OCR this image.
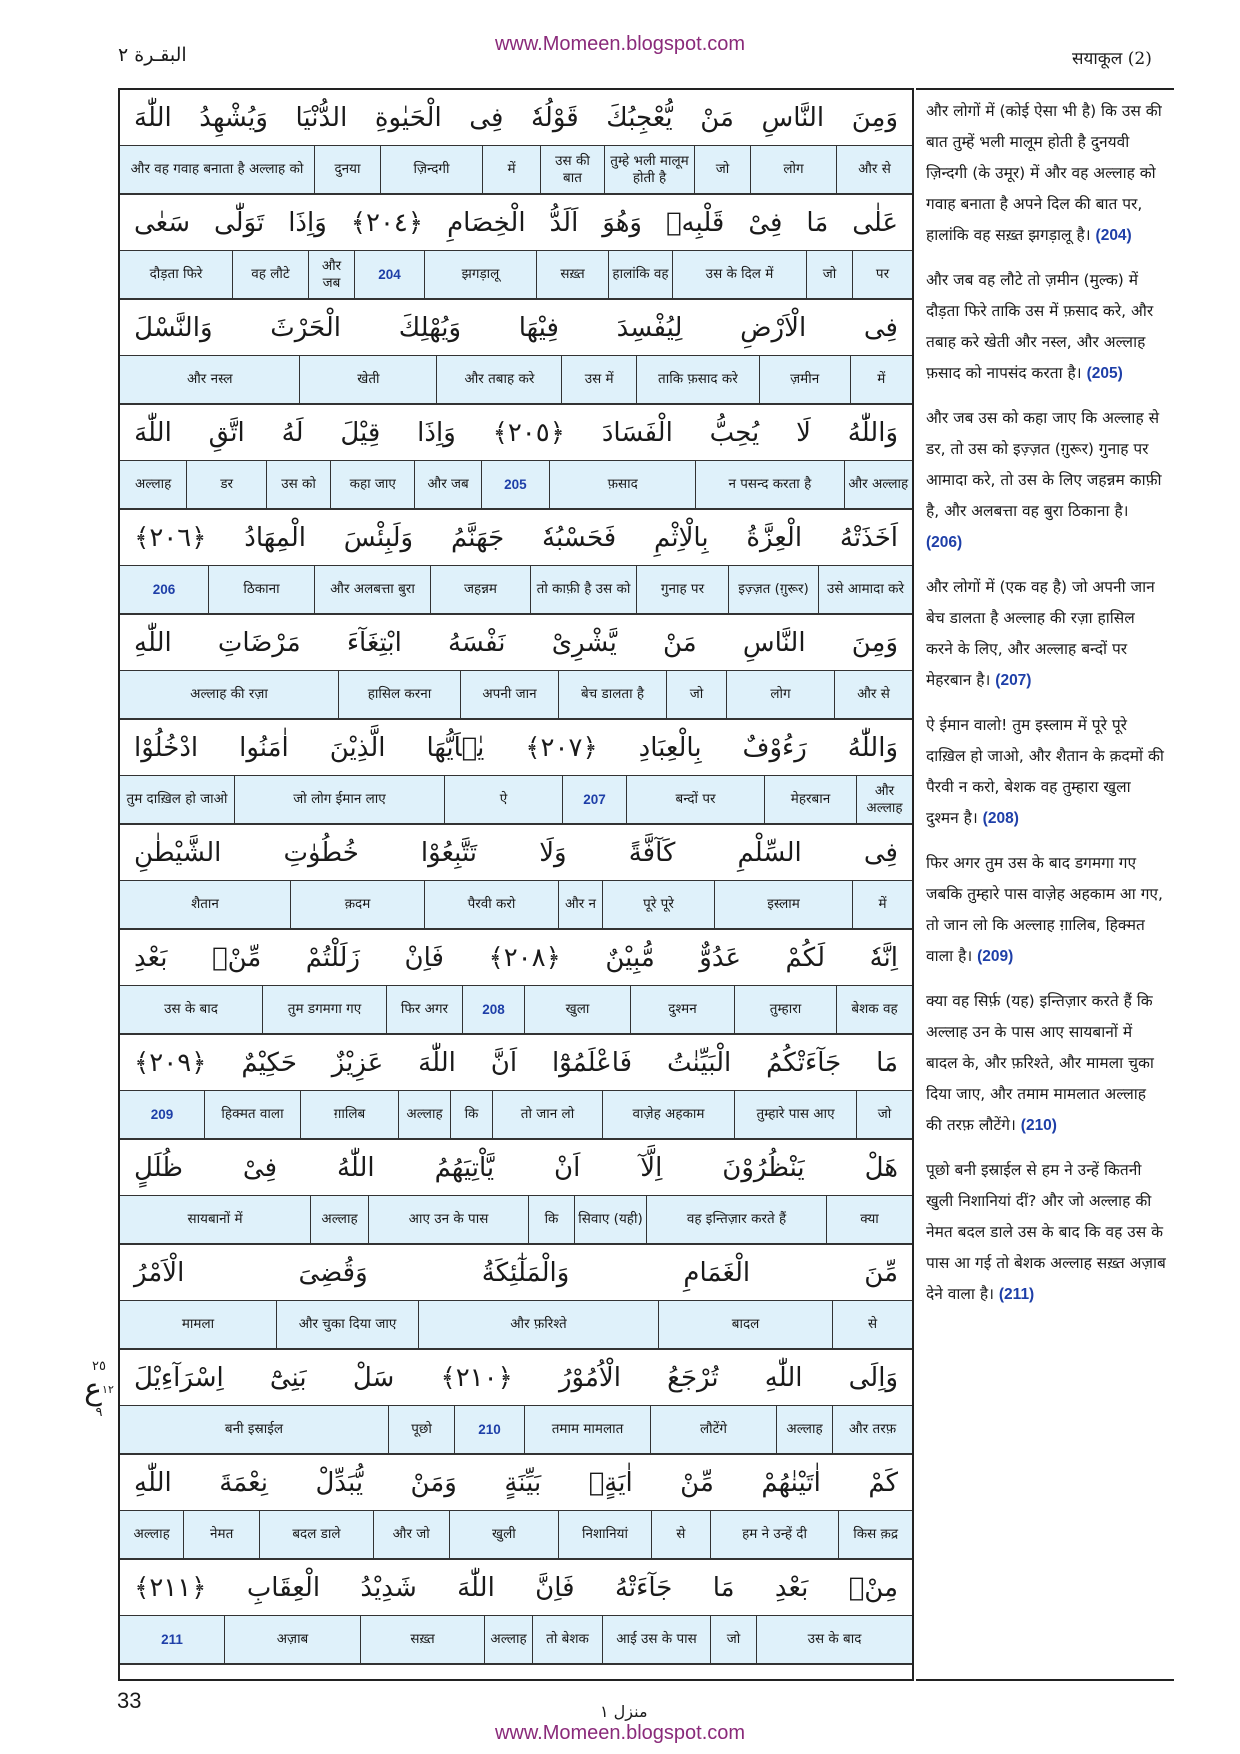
www.Momeen.blogspot.com
البقـرة ٢	सयाकूल (2)
٢٥
ع ١٢
٩
وَمِنَ
النَّاسِ
مَنْ
يُّعْجِبُكَ
قَوْلُهٗ
فِى
الْحَيٰوةِ
الدُّنْيَا
وَيُشْهِدُ
اللّٰهَ
और से
लोग
जो
तुम्हे भली मालूम होती है
उस की बात
में
ज़िन्दगी
दुनया
और वह गवाह बनाता है अल्लाह को
عَلٰى
مَا
فِىْ
قَلْبِهٖ
وَهُوَ
اَلَدُّ
الْخِصَامِ
﴿٢٠٤﴾
وَاِذَا
تَوَلّٰى
سَعٰى
पर
जो
उस के दिल में
हालांकि वह
सख़्त
झगड़ालू
204
और जब
वह लौटे
दौड़ता फिरे
فِى
الْاَرْضِ
لِيُفْسِدَ
فِيْهَا
وَيُهْلِكَ
الْحَرْثَ
وَالنَّسْلَ
में
ज़मीन
ताकि फ़साद करे
उस में
और तबाह करे
खेती
और नस्ल
وَاللّٰهُ
لَا
يُحِبُّ
الْفَسَادَ
﴿٢٠٥﴾
وَاِذَا
قِيْلَ
لَهُ
اتَّقِ
اللّٰهَ
और अल्लाह
न पसन्द करता है
फ़साद
205
और जब
कहा जाए
उस को
डर
अल्लाह
اَخَذَتْهُ
الْعِزَّةُ
بِالْاِثْمِ
فَحَسْبُهٗ
جَهَنَّمُ
وَلَبِئْسَ
الْمِهَادُ
﴿٢٠٦﴾
उसे आमादा करे
इज़्ज़त (ग़ुरूर)
गुनाह पर
तो काफ़ी है उस को
जहन्नम
और अलबत्ता बुरा
ठिकाना
206
وَمِنَ
النَّاسِ
مَنْ
يَّشْرِىْ
نَفْسَهُ
ابْتِغَآءَ
مَرْضَاتِ
اللّٰهِ
और से
लोग
जो
बेच डालता है
अपनी जान
हासिल करना
अल्लाह की रज़ा
وَاللّٰهُ
رَءُوْفٌ
بِالْعِبَادِ
﴿٢٠٧﴾
يٰۤاَيُّهَا
الَّذِيْنَ
اٰمَنُوا
ادْخُلُوْا
और अल्लाह
मेहरबान
बन्दों पर
207
ऐ
जो लोग ईमान लाए
तुम दाख़िल हो जाओ
فِى
السِّلْمِ
كَآفَّةً
وَلَا
تَتَّبِعُوْا
خُطُوٰتِ
الشَّيْطٰنِ
में
इस्लाम
पूरे पूरे
और न
पैरवी करो
क़दम
शैतान
اِنَّهٗ
لَكُمْ
عَدُوٌّ
مُّبِيْنٌ
﴿٢٠٨﴾
فَاِنْ
زَلَلْتُمْ
مِّنْۢ
بَعْدِ
बेशक वह
तुम्हारा
दुश्मन
खुला
208
फिर अगर
तुम डगमगा गए
उस के बाद
مَا
جَآءَتْكُمُ
الْبَيِّنٰتُ
فَاعْلَمُوْٓا
اَنَّ
اللّٰهَ
عَزِيْزٌ
حَكِيْمٌ
﴿٢٠٩﴾
जो
तुम्हारे पास आए
वाज़ेह अहकाम
तो जान लो
कि
अल्लाह
ग़ालिब
हिक्मत वाला
209
هَلْ
يَنْظُرُوْنَ
اِلَّآ
اَنْ
يَّاْتِيَهُمُ
اللّٰهُ
فِىْ
ظُلَلٍ
क्या
वह इन्तिज़ार करते हैं
सिवाए (यही)
कि
आए उन के पास
अल्लाह
सायबानों में
مِّنَ
الْغَمَامِ
وَالْمَلٰٓئِكَةُ
وَقُضِىَ
الْاَمْرُ
से
बादल
और फ़रिश्ते
और चुका दिया जाए
मामला
وَاِلَى
اللّٰهِ
تُرْجَعُ
الْاُمُوْرُ
﴿٢١٠﴾
سَلْ
بَنِىْٓ
اِسْرَآءِيْلَ
और तरफ़
अल्लाह
लौटेंगे
तमाम मामलात
210
पूछो
बनी इस्राईल
كَمْ
اٰتَيْنٰهُمْ
مِّنْ
اٰيَةٍۢ
بَيِّنَةٍ
وَمَنْ
يُّبَدِّلْ
نِعْمَةَ
اللّٰهِ
किस क़द्र
हम ने उन्हें दी
से
निशानियां
खुली
और जो
बदल डाले
नेमत
अल्लाह
مِنْۢ
بَعْدِ
مَا
جَآءَتْهُ
فَاِنَّ
اللّٰهَ
شَدِيْدُ
الْعِقَابِ
﴿٢١١﴾
उस के बाद
जो
आई उस के पास
तो बेशक
अल्लाह
सख़्त
अज़ाब
211

और लोगों में (कोई ऐसा भी है) कि उस की बात तुम्हें भली मालूम होती है दुनयवी ज़िन्दगी (के उमूर) में और वह अल्लाह को गवाह बनाता है अपने दिल की बात पर, हालांकि वह सख़्त झगड़ालू है। (204)

और जब वह लौटे तो ज़मीन (मुल्क) में दौड़ता फिरे ताकि उस में फ़साद करे, और तबाह करे खेती और नस्ल, और अल्लाह फ़साद को नापसंद करता है। (205)

और जब उस को कहा जाए कि अल्लाह से डर, तो उस को इज़्ज़त (ग़ुरूर) गुनाह पर आमादा करे, तो उस के लिए जहन्नम काफ़ी है, और अलबत्ता वह बुरा ठिकाना है। (206)

और लोगों में (एक वह है) जो अपनी जान बेच डालता है अल्लाह की रज़ा हासिल करने के लिए, और अल्लाह बन्दों पर मेहरबान है। (207)

ऐ ईमान वालो! तुम इस्लाम में पूरे पूरे दाख़िल हो जाओ, और शैतान के क़दमों की पैरवी न करो, बेशक वह तुम्हारा खुला दुश्मन है। (208)

फिर अगर तुम उस के बाद डगमगा गए जबकि तुम्हारे पास वाज़ेह अहकाम आ गए, तो जान लो कि अल्लाह ग़ालिब, हिक्मत वाला है। (209)

क्या वह सिर्फ़ (यह) इन्तिज़ार करते हैं कि अल्लाह उन के पास आए सायबानों में बादल के, और फ़रिश्ते, और मामला चुका दिया जाए, और तमाम मामलात अल्लाह की तरफ़ लौटेंगे। (210)

पूछो बनी इस्राईल से हम ने उन्हें कितनी खुली निशानियां दीं? और जो अल्लाह की नेमत बदल डाले उस के बाद कि वह उस के पास आ गई तो बेशक अल्लाह सख़्त अज़ाब देने वाला है। (211)

33	منزل ١
www.Momeen.blogspot.com
